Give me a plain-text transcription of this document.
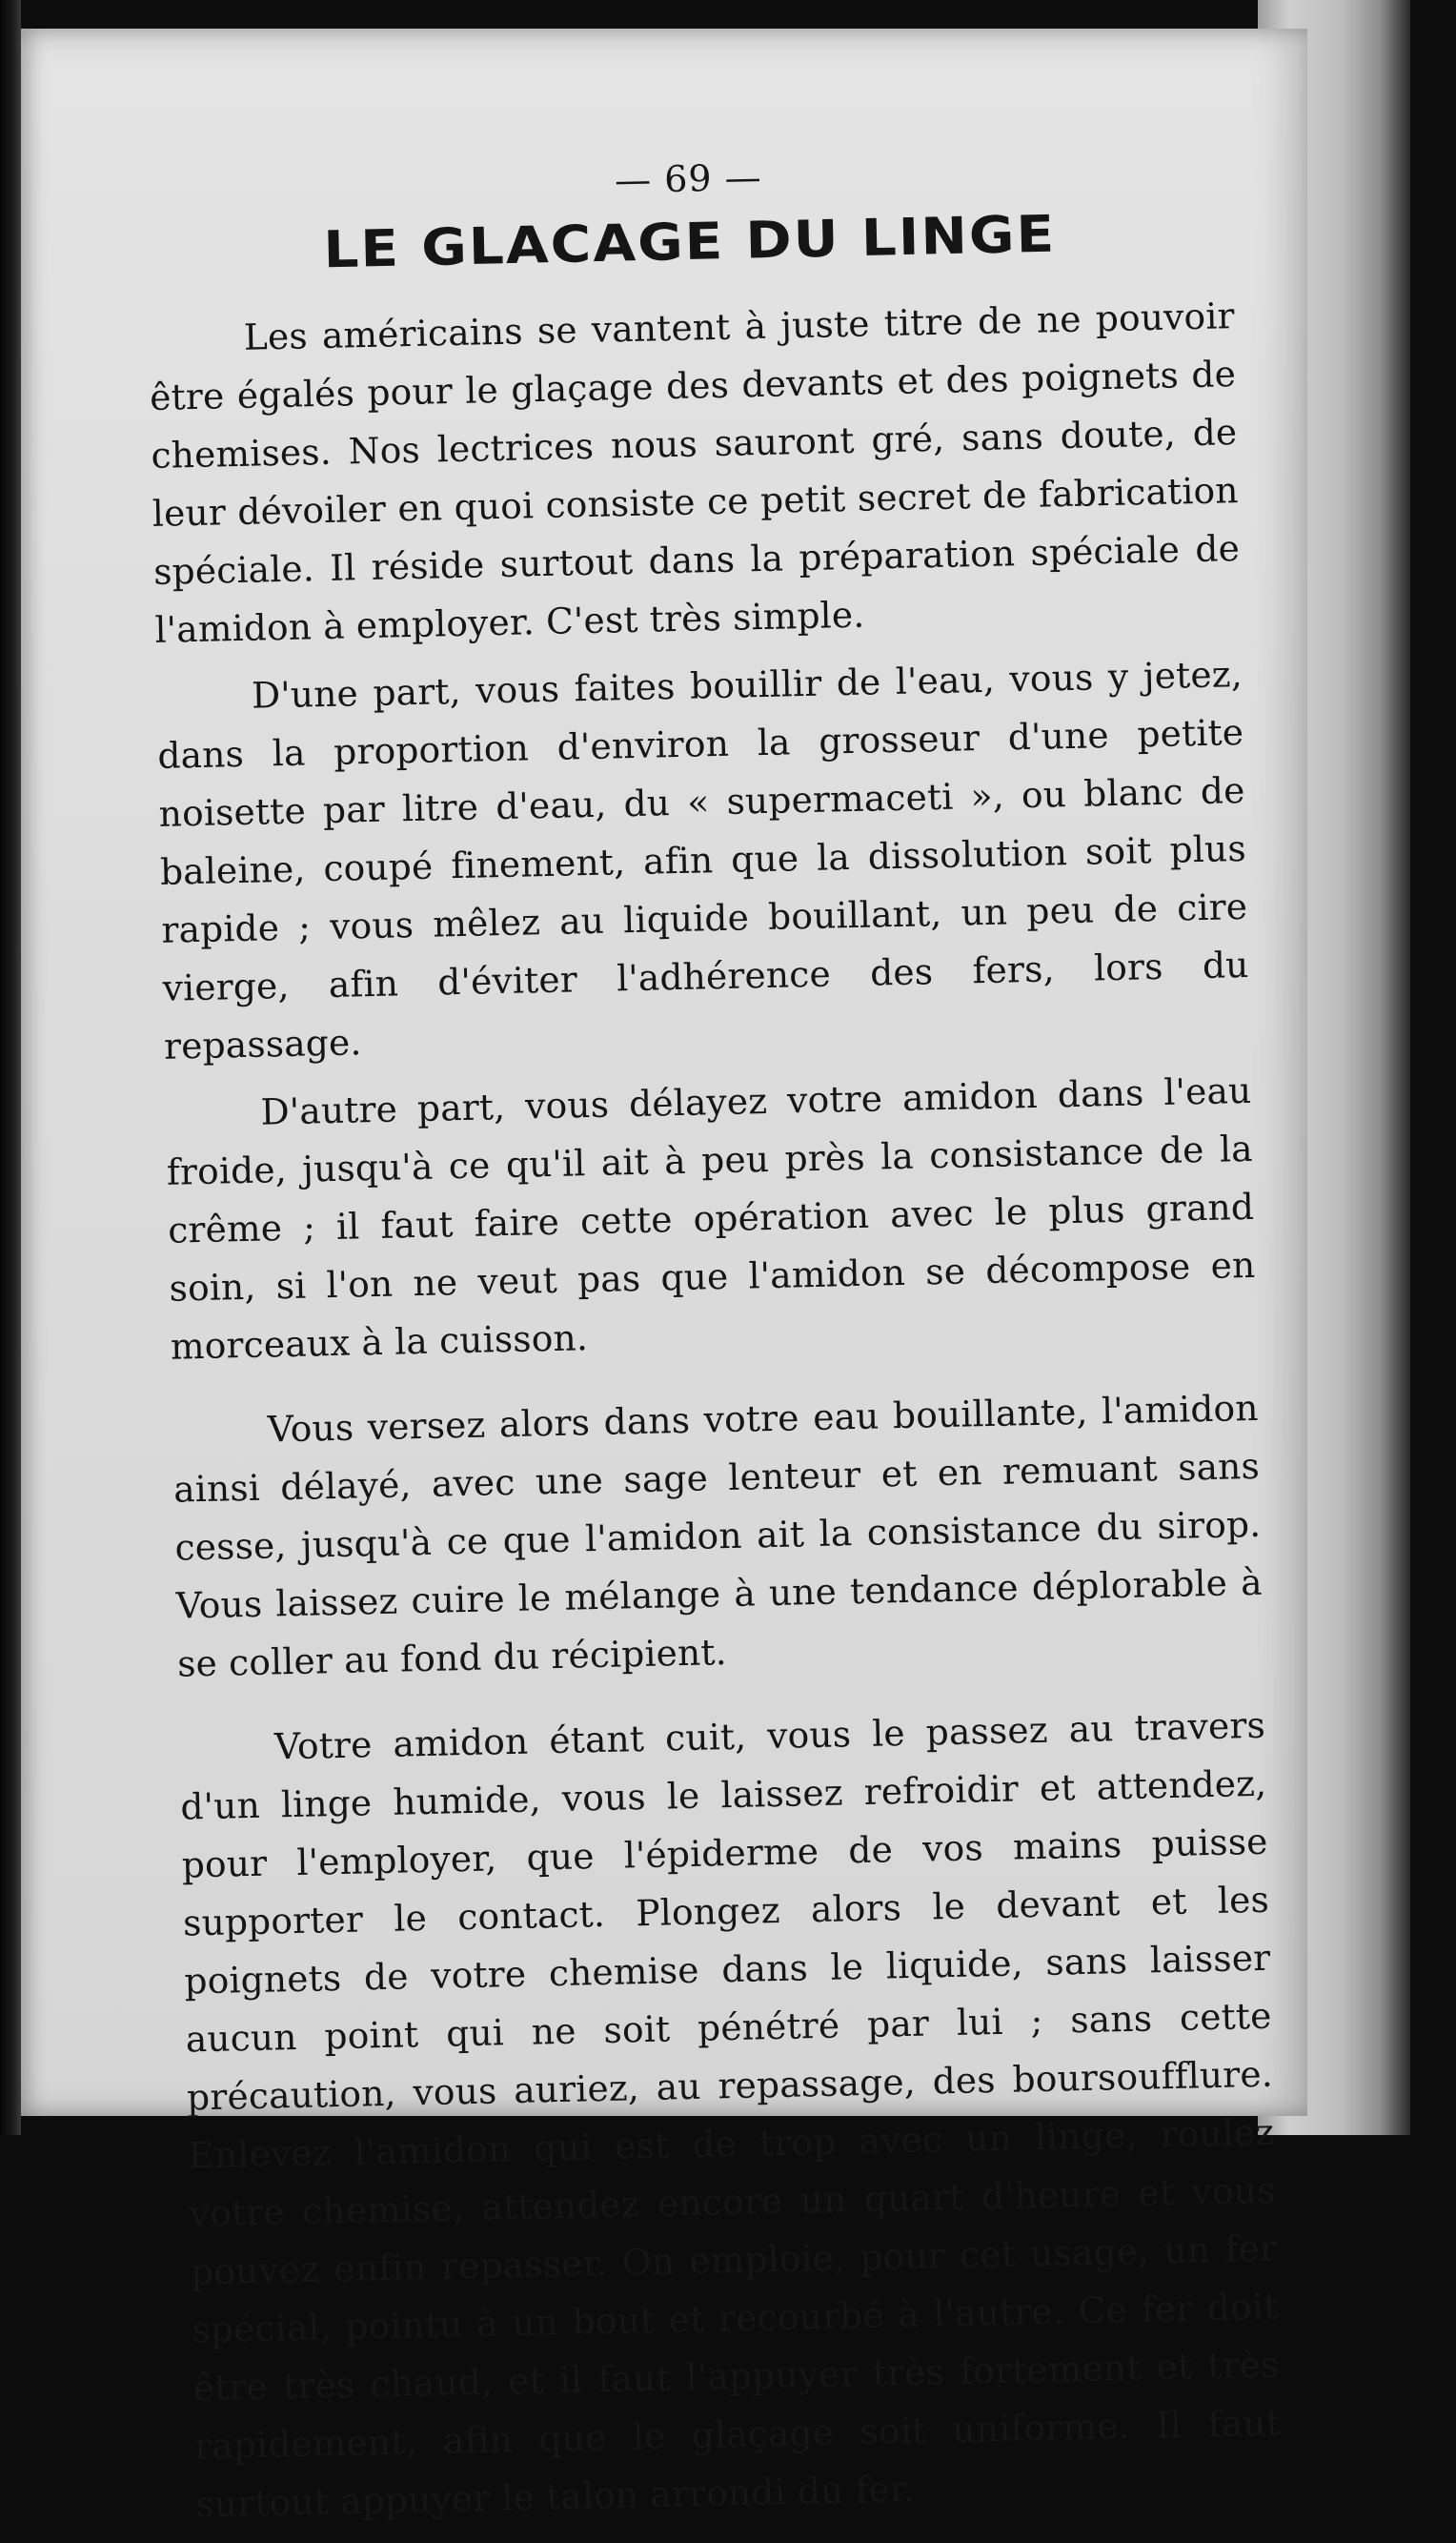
— 69 —
LE GLACAGE DU LINGE

Les américains se vantent à juste titre de ne pouvoir être égalés pour le glaçage des devants et des poignets de chemises. Nos lectrices nous sauront gré, sans doute, de leur dévoiler en quoi consiste ce petit secret de fabrication spéciale. Il réside surtout dans la préparation spéciale de l'amidon à employer. C'est très simple.

D'une part, vous faites bouillir de l'eau, vous y jetez, dans la proportion d'environ la grosseur d'une petite noisette par litre d'eau, du « supermaceti », ou blanc de baleine, coupé finement, afin que la dissolution soit plus rapide ; vous mêlez au liquide bouillant, un peu de cire vierge, afin d'éviter l'adhérence des fers, lors du repassage.

D'autre part, vous délayez votre amidon dans l'eau froide, jusqu'à ce qu'il ait à peu près la consistance de la crême ; il faut faire cette opération avec le plus grand soin, si l'on ne veut pas que l'amidon se décompose en morceaux à la cuisson.

Vous versez alors dans votre eau bouillante, l'amidon ainsi délayé, avec une sage lenteur et en remuant sans cesse, jusqu'à ce que l'amidon ait la consistance du sirop. Vous laissez cuire le mélange à une tendance déplorable à se coller au fond du récipient.

Votre amidon étant cuit, vous le passez au travers d'un linge humide, vous le laissez refroidir et attendez, pour l'employer, que l'épiderme de vos mains puisse supporter le contact. Plongez alors le devant et les poignets de votre chemise dans le liquide, sans laisser aucun point qui ne soit pénétré par lui ; sans cette précaution, vous auriez, au repassage, des boursoufflure. Enlevez l'amidon qui est de trop avec un linge, roulez votre chemise, attendez encore un quart d'heure et vous pouvez enfin repasser. On emploie, pour cet usage, un fer spécial, pointu à un bout et recourbé à l'autre. Ce fer doit être très chaud, et il faut l'appuyer très fortement et très rapidement, afin que le glaçage soit uniforme. Il faut surtout appuyer le talon arrondi du fer.
